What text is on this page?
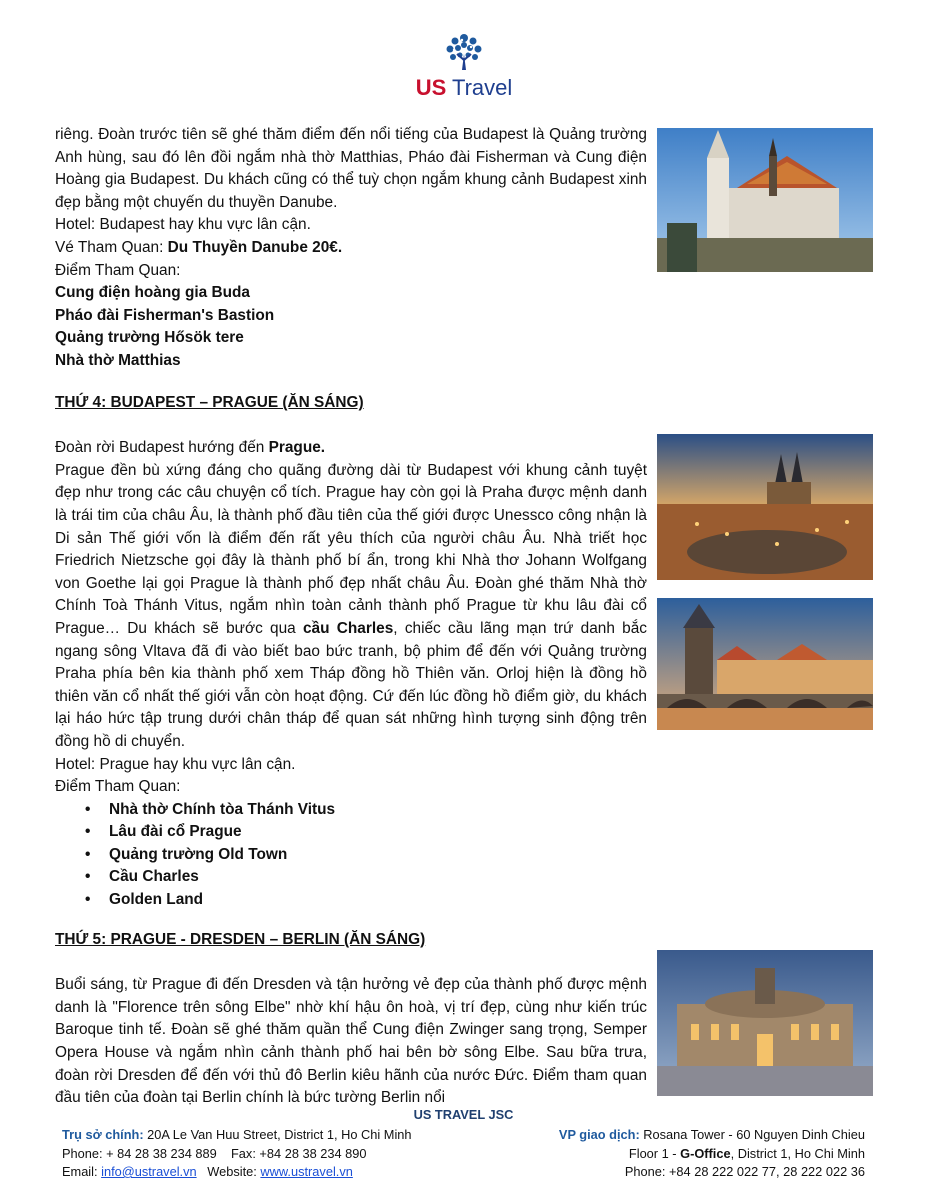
US Travel

riêng. Đoàn trước tiên sẽ ghé thăm điểm đến nổi tiếng của Budapest là Quảng trường Anh hùng, sau đó lên đồi ngắm nhà thờ Matthias, Pháo đài Fisherman và Cung điện Hoàng gia Budapest. Du khách cũng có thể tuỳ chọn ngắm khung cảnh Budapest xinh đẹp bằng một chuyến du thuyền Danube.

Hotel: Budapest hay khu vực lân cận.

Vé Tham Quan: Du Thuyền Danube 20€.

Điểm Tham Quan:

Cung điện hoàng gia Buda

Pháo đài Fisherman's Bastion

Quảng trường Hősök tere

Nhà thờ Matthias

THỨ 4: BUDAPEST – PRAGUE (ĂN SÁNG)

Đoàn rời Budapest hướng đến Prague.

Prague đền bù xứng đáng cho quãng đường dài từ Budapest với khung cảnh tuyệt đẹp như trong các câu chuyện cổ tích. Prague hay còn gọi là Praha được mệnh danh là trái tim của châu Âu, là thành phố đầu tiên của thế giới được Unessco công nhận là Di sản Thế giới vốn là điểm đến rất yêu thích của người châu Âu. Nhà triết học Friedrich Nietzsche gọi đây là thành phố bí ẩn, trong khi Nhà thơ Johann Wolfgang von Goethe lại gọi Prague là thành phố đẹp nhất châu Âu. Đoàn ghé thăm Nhà thờ Chính Toà Thánh Vitus, ngắm nhìn toàn cảnh thành phố Prague từ khu lâu đài cổ Prague… Du khách sẽ bước qua cầu Charles, chiếc cầu lãng mạn trứ danh bắc ngang sông Vltava đã đi vào biết bao bức tranh, bộ phim để đến với Quảng trường Praha phía bên kia thành phố xem Tháp đồng hồ Thiên văn. Orloj hiện là đồng hồ thiên văn cổ nhất thế giới vẫn còn hoạt động. Cứ đến lúc đồng hồ điểm giờ, du khách lại háo hức tập trung dưới chân tháp để quan sát những hình tượng sinh động trên đồng hồ di chuyển.

Hotel: Prague hay khu vực lân cận.

Điểm Tham Quan:

• Nhà thờ Chính tòa Thánh Vitus
• Lâu đài cổ Prague
• Quảng trường Old Town
• Cầu Charles
• Golden Land

THỨ 5: PRAGUE - DRESDEN – BERLIN (ĂN SÁNG)

Buổi sáng, từ Prague đi đến Dresden và tận hưởng vẻ đẹp của thành phố được mệnh danh là "Florence trên sông Elbe" nhờ khí hậu ôn hoà, vị trí đẹp, cùng như kiến trúc Baroque tinh tế. Đoàn sẽ ghé thăm quần thể Cung điện Zwinger sang trọng, Semper Opera House và ngắm nhìn cảnh thành phố hai bên bờ sông Elbe. Sau bữa trưa, đoàn rời Dresden để đến với thủ đô Berlin kiêu hãnh của nước Đức. Điểm tham quan đầu tiên của đoàn tại Berlin chính là bức tường Berlin nổi

US TRAVEL JSC
Trụ sở chính: 20A Le Van Huu Street, District 1, Ho Chi Minh
Phone: + 84 28 38 234 889    Fax: +84 28 38 234 890
Email: info@ustravel.vn   Website: www.ustravel.vn
VP giao dịch: Rosana Tower - 60 Nguyen Dinh Chieu
Floor 1 - G-Office, District 1, Ho Chi Minh
Phone: +84 28 222 022 77, 28 222 022 36
